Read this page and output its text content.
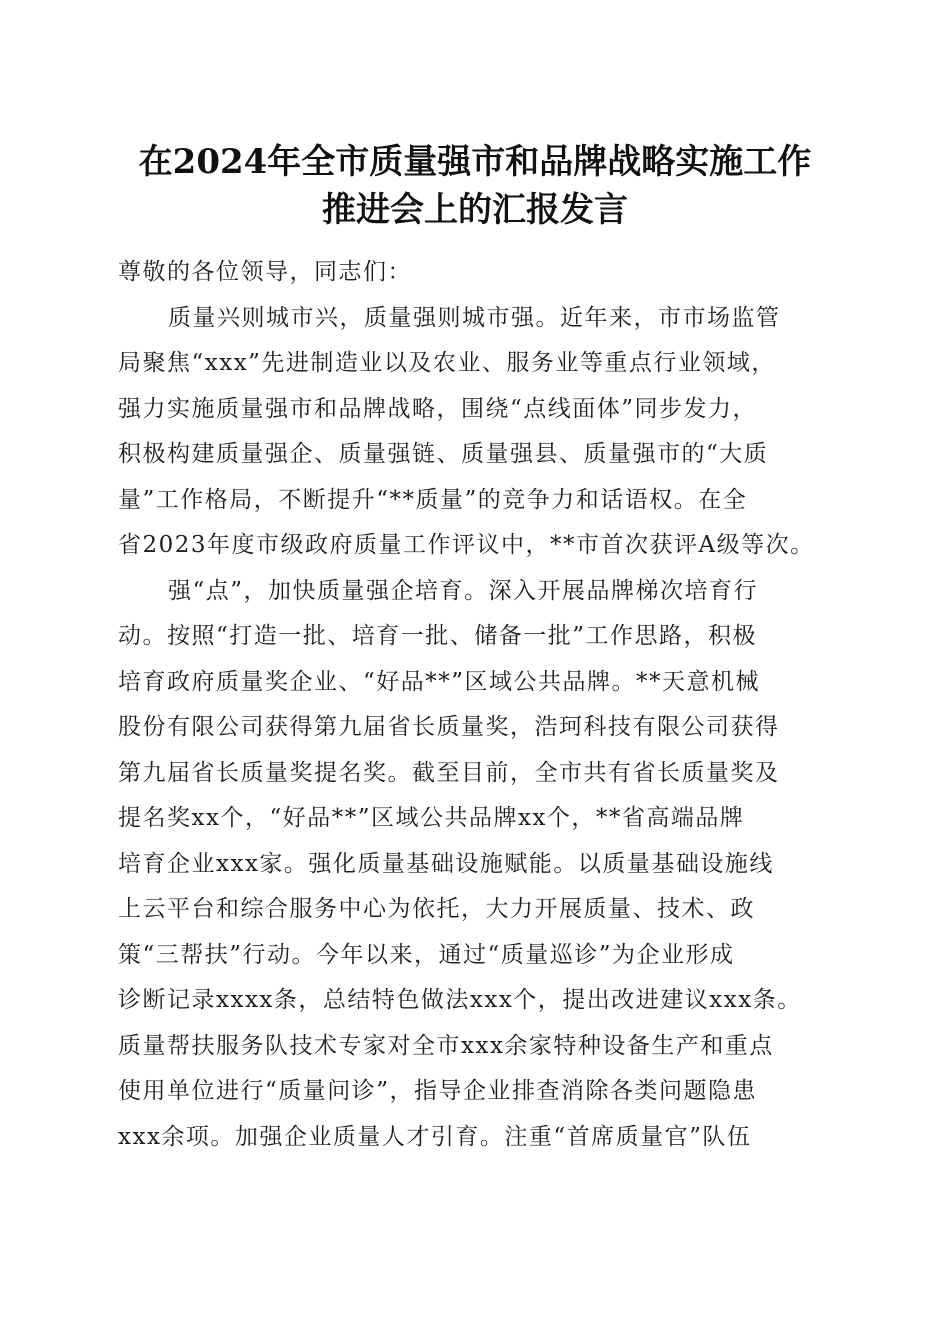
在2024年全市质量强市和品牌战略实施工作
推进会上的汇报发言
尊敬的各位领导，同志们：
质量兴则城市兴，质量强则城市强。近年来，市市场监管
局聚焦“xxx”先进制造业以及农业、服务业等重点行业领域，
强力实施质量强市和品牌战略，围绕“点线面体”同步发力，
积极构建质量强企、质量强链、质量强县、质量强市的“大质
量”工作格局，不断提升“**质量”的竞争力和话语权。在全
省2023年度市级政府质量工作评议中，**市首次获评A级等次。
强“点”，加快质量强企培育。深入开展品牌梯次培育行
动。按照“打造一批、培育一批、储备一批”工作思路，积极
培育政府质量奖企业、“好品**”区域公共品牌。**天意机械
股份有限公司获得第九届省长质量奖，浩珂科技有限公司获得
第九届省长质量奖提名奖。截至目前，全市共有省长质量奖及
提名奖xx个，“好品**”区域公共品牌xx个，**省高端品牌
培育企业xxx家。强化质量基础设施赋能。以质量基础设施线
上云平台和综合服务中心为依托，大力开展质量、技术、政
策“三帮扶”行动。今年以来，通过“质量巡诊”为企业形成
诊断记录xxxx条，总结特色做法xxx个，提出改进建议xxx条。
质量帮扶服务队技术专家对全市xxx余家特种设备生产和重点
使用单位进行“质量问诊”，指导企业排查消除各类问题隐患
xxx余项。加强企业质量人才引育。注重“首席质量官”队伍
